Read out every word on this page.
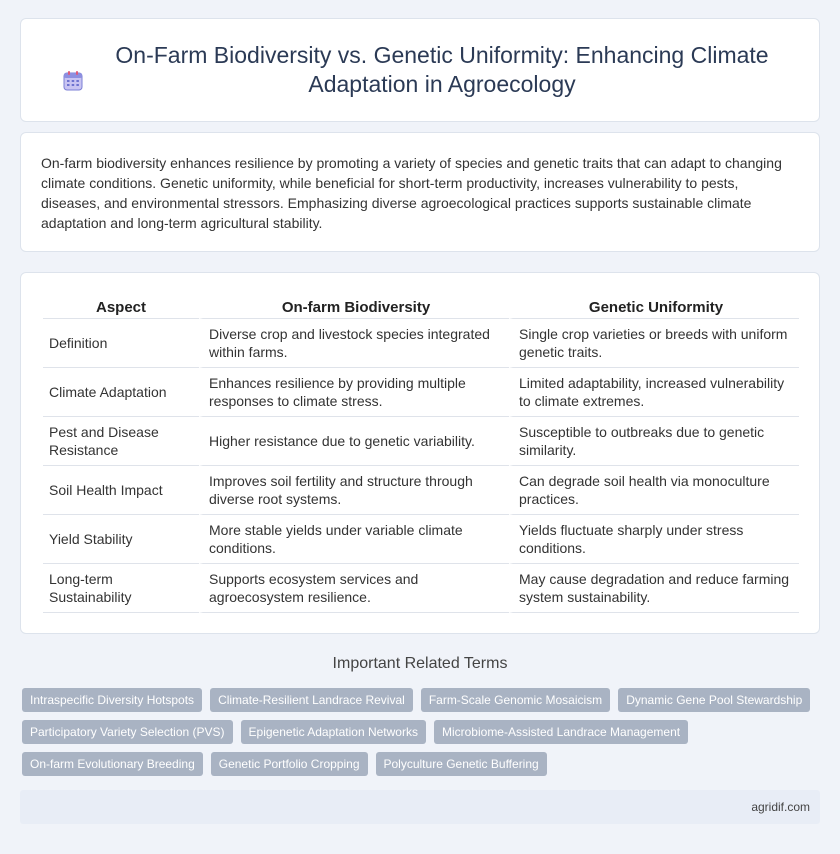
On-Farm Biodiversity vs. Genetic Uniformity: Enhancing Climate Adaptation in Agroecology

On-farm biodiversity enhances resilience by promoting a variety of species and genetic traits that can adapt to changing climate conditions. Genetic uniformity, while beneficial for short-term productivity, increases vulnerability to pests, diseases, and environmental stressors. Emphasizing diverse agroecological practices supports sustainable climate adaptation and long-term agricultural stability.

Aspect	On-farm Biodiversity	Genetic Uniformity
Definition	Diverse crop and livestock species integrated within farms.	Single crop varieties or breeds with uniform genetic traits.
Climate Adaptation	Enhances resilience by providing multiple responses to climate stress.	Limited adaptability, increased vulnerability to climate extremes.
Pest and Disease Resistance	Higher resistance due to genetic variability.	Susceptible to outbreaks due to genetic similarity.
Soil Health Impact	Improves soil fertility and structure through diverse root systems.	Can degrade soil health via monoculture practices.
Yield Stability	More stable yields under variable climate conditions.	Yields fluctuate sharply under stress conditions.
Long-term Sustainability	Supports ecosystem services and agroecosystem resilience.	May cause degradation and reduce farming system sustainability.
Important Related Terms
Intraspecific Diversity Hotspots	Climate-Resilient Landrace Revival	Farm-Scale Genomic Mosaicism	Dynamic Gene Pool Stewardship
Participatory Variety Selection (PVS)	Epigenetic Adaptation Networks	Microbiome-Assisted Landrace Management
On-farm Evolutionary Breeding	Genetic Portfolio Cropping	Polyculture Genetic Buffering
agridif.com
